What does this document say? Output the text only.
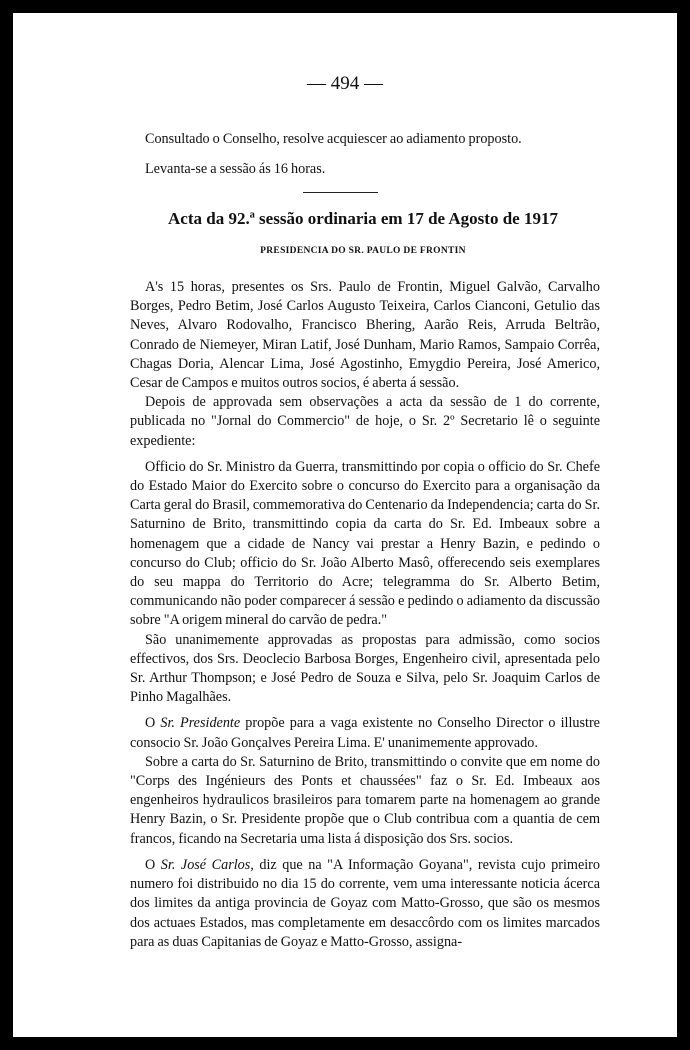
— 494 —

Consultado o Conselho, resolve acquiescer ao adiamento proposto.

Levanta-se a sessão ás 16 horas.

Acta da 92.ª sessão ordinaria em 17 de Agosto de 1917
PRESIDENCIA DO SR. PAULO DE FRONTIN

A's 15 horas, presentes os Srs. Paulo de Frontin, Miguel Galvão, Carvalho Borges, Pedro Betim, José Carlos Augusto Teixeira, Carlos Cianconi, Getulio das Neves, Alvaro Rodovalho, Francisco Bhering, Aarão Reis, Arruda Beltrão, Conrado de Niemeyer, Miran Latif, José Dunham, Mario Ramos, Sampaio Corrêa, Chagas Doria, Alencar Lima, José Agostinho, Emygdio Pereira, José Americo, Cesar de Campos e muitos outros socios, é aberta á sessão.

Depois de approvada sem observações a acta da sessão de 1 do corrente, publicada no "Jornal do Commercio" de hoje, o Sr. 2º Secretario lê o seguinte expediente:

Officio do Sr. Ministro da Guerra, transmittindo por copia o officio do Sr. Chefe do Estado Maior do Exercito sobre o concurso do Exercito para a organisação da Carta geral do Brasil, commemorativa do Centenario da Independencia; carta do Sr. Saturnino de Brito, transmittindo copia da carta do Sr. Ed. Imbeaux sobre a homenagem que a cidade de Nancy vai prestar a Henry Bazin, e pedindo o concurso do Club; officio do Sr. João Alberto Masô, offerecendo seis exemplares do seu mappa do Territorio do Acre; telegramma do Sr. Alberto Betim, communicando não poder comparecer á sessão e pedindo o adiamento da discussão sobre "A origem mineral do carvão de pedra."

São unanimemente approvadas as propostas para admissão, como socios effectivos, dos Srs. Deoclecio Barbosa Borges, Engenheiro civil, apresentada pelo Sr. Arthur Thompson; e José Pedro de Souza e Silva, pelo Sr. Joaquim Carlos de Pinho Magalhães.

O Sr. Presidente propõe para a vaga existente no Conselho Director o illustre consocio Sr. João Gonçalves Pereira Lima. E' unanimemente approvado.

Sobre a carta do Sr. Saturnino de Brito, transmittindo o convite que em nome do "Corps des Ingénieurs des Ponts et chaussées" faz o Sr. Ed. Imbeaux aos engenheiros hydraulicos brasileiros para tomarem parte na homenagem ao grande Henry Bazin, o Sr. Presidente propõe que o Club contribua com a quantia de cem francos, ficando na Secretaria uma lista á disposição dos Srs. socios.

O Sr. José Carlos, diz que na "A Informação Goyana", revista cujo primeiro numero foi distribuido no dia 15 do corrente, vem uma interessante noticia ácerca dos limites da antiga provincia de Goyaz com Matto-Grosso, que são os mesmos dos actuaes Estados, mas completamente em desaccôrdo com os limites marcados para as duas Capitanias de Goyaz e Matto-Grosso, assigna-
